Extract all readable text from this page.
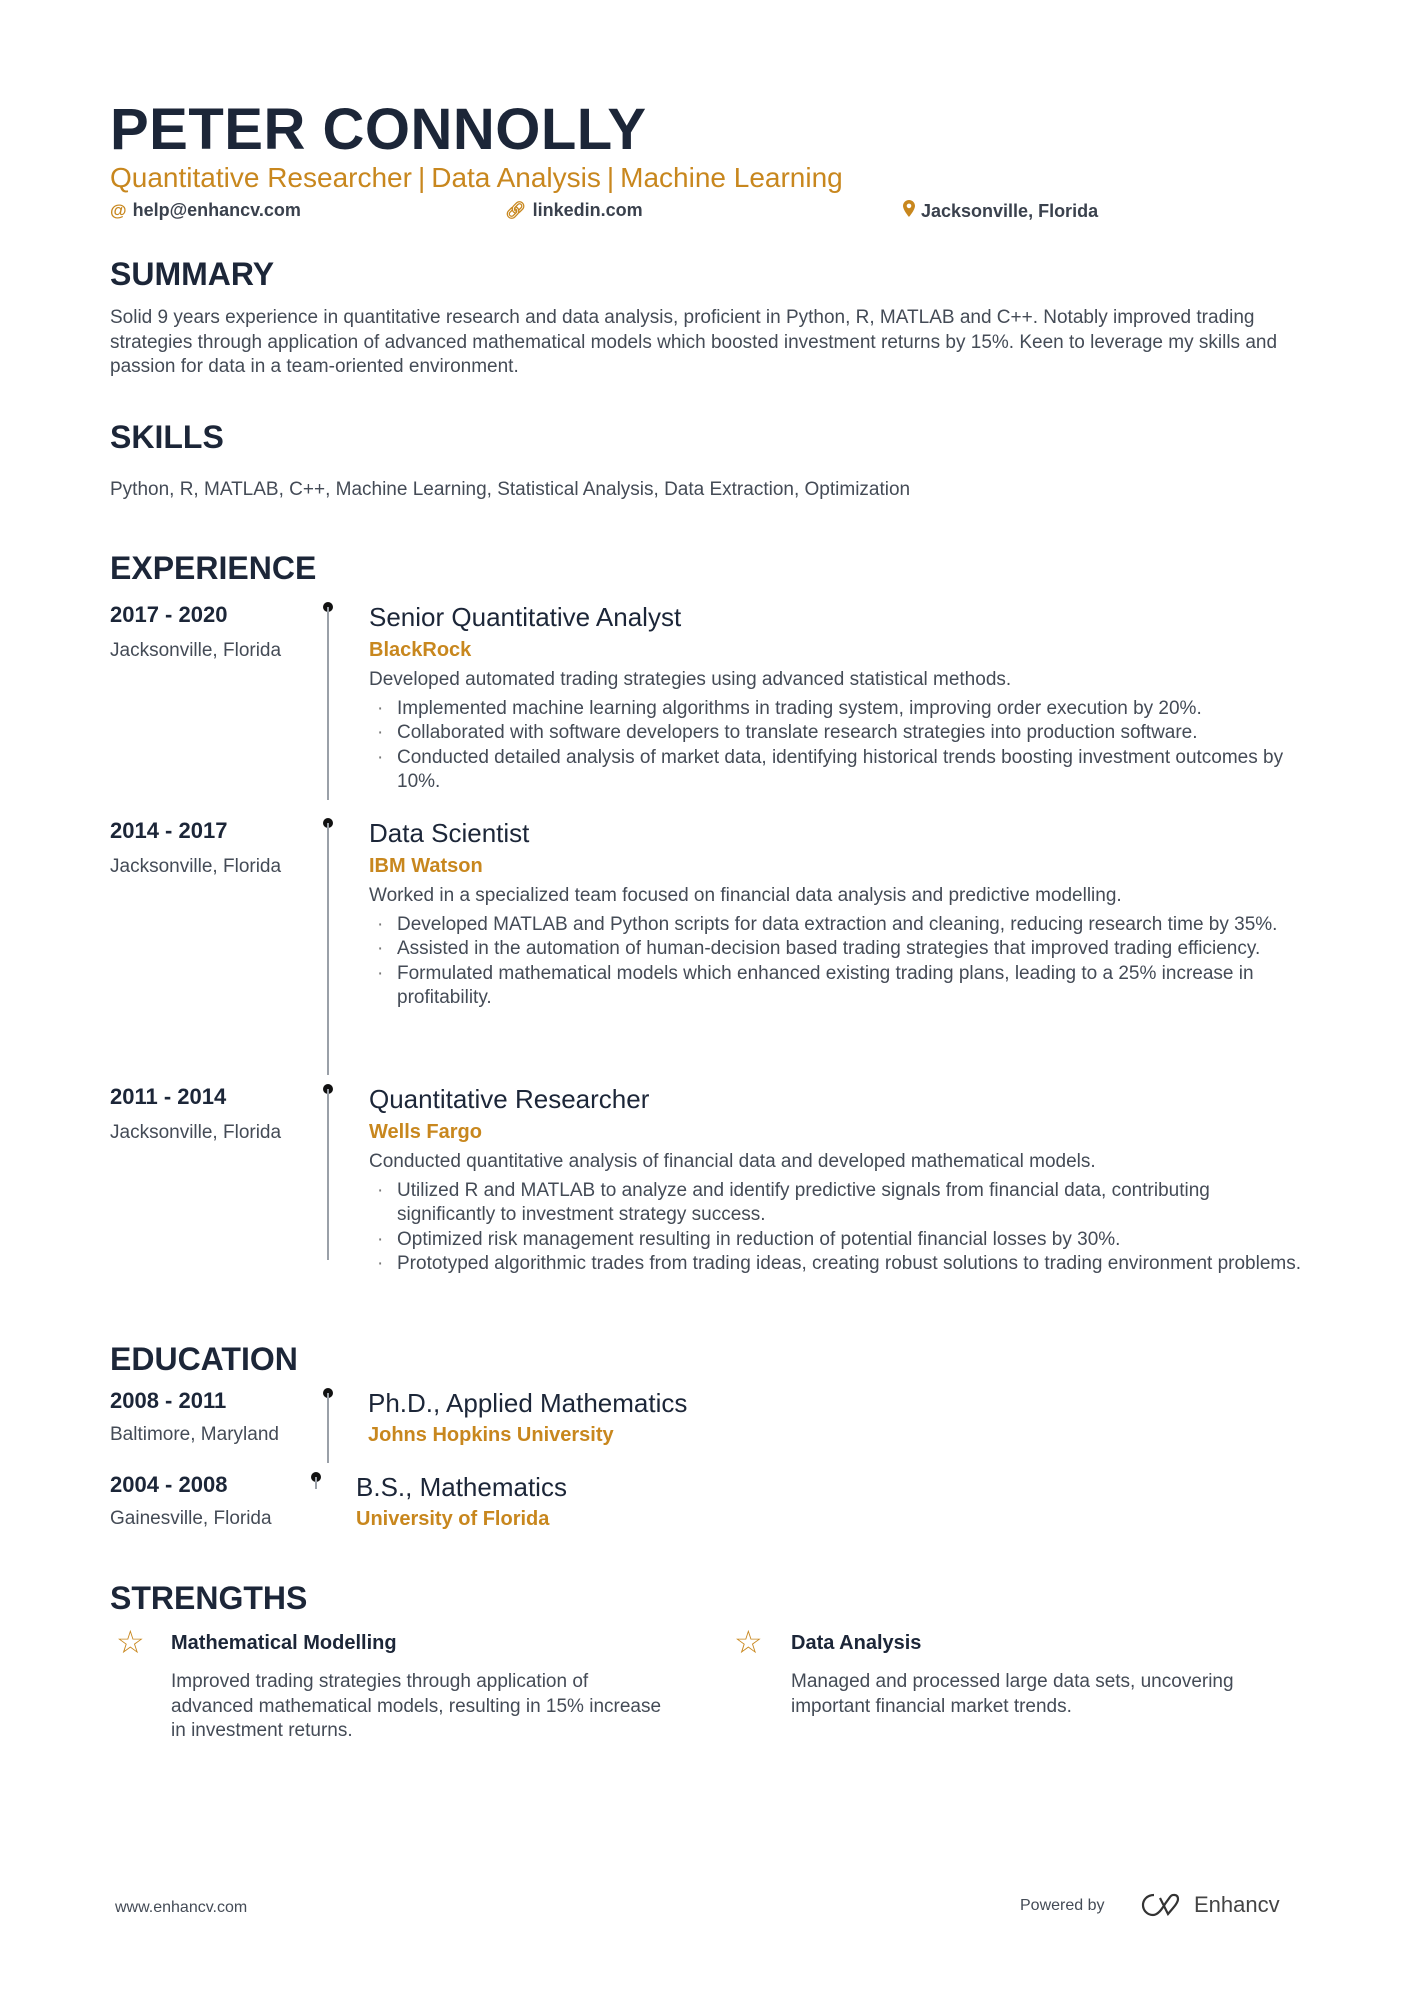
PETER CONNOLLY
Quantitative Researcher | Data Analysis | Machine Learning
@ help@enhancv.com	🔗︎ linkedin.com	Jacksonville, Florida
SUMMARY
Solid 9 years experience in quantitative research and data analysis, proficient in Python, R, MATLAB and C++. Notably improved trading strategies through application of advanced mathematical models which boosted investment returns by 15%. Keen to leverage my skills and passion for data in a team-oriented environment.
SKILLS
Python, R, MATLAB, C++, Machine Learning, Statistical Analysis, Data Extraction, Optimization
EXPERIENCE
2017 - 2020
Jacksonville, Florida
Senior Quantitative Analyst
BlackRock
Developed automated trading strategies using advanced statistical methods.
· Implemented machine learning algorithms in trading system, improving order execution by 20%.
· Collaborated with software developers to translate research strategies into production software.
· Conducted detailed analysis of market data, identifying historical trends boosting investment outcomes by 10%.
2014 - 2017
Jacksonville, Florida
Data Scientist
IBM Watson
Worked in a specialized team focused on financial data analysis and predictive modelling.
· Developed MATLAB and Python scripts for data extraction and cleaning, reducing research time by 35%.
· Assisted in the automation of human-decision based trading strategies that improved trading efficiency.
· Formulated mathematical models which enhanced existing trading plans, leading to a 25% increase in profitability.
2011 - 2014
Jacksonville, Florida
Quantitative Researcher
Wells Fargo
Conducted quantitative analysis of financial data and developed mathematical models.
· Utilized R and MATLAB to analyze and identify predictive signals from financial data, contributing significantly to investment strategy success.
· Optimized risk management resulting in reduction of potential financial losses by 30%.
· Prototyped algorithmic trades from trading ideas, creating robust solutions to trading environment problems.
EDUCATION
2008 - 2011
Baltimore, Maryland
Ph.D., Applied Mathematics
Johns Hopkins University
2004 - 2008
Gainesville, Florida
B.S., Mathematics
University of Florida
STRENGTHS
☆ Mathematical Modelling
Improved trading strategies through application of advanced mathematical models, resulting in 15% increase in investment returns.
☆ Data Analysis
Managed and processed large data sets, uncovering important financial market trends.
www.enhancv.com	Powered by	Enhancv
